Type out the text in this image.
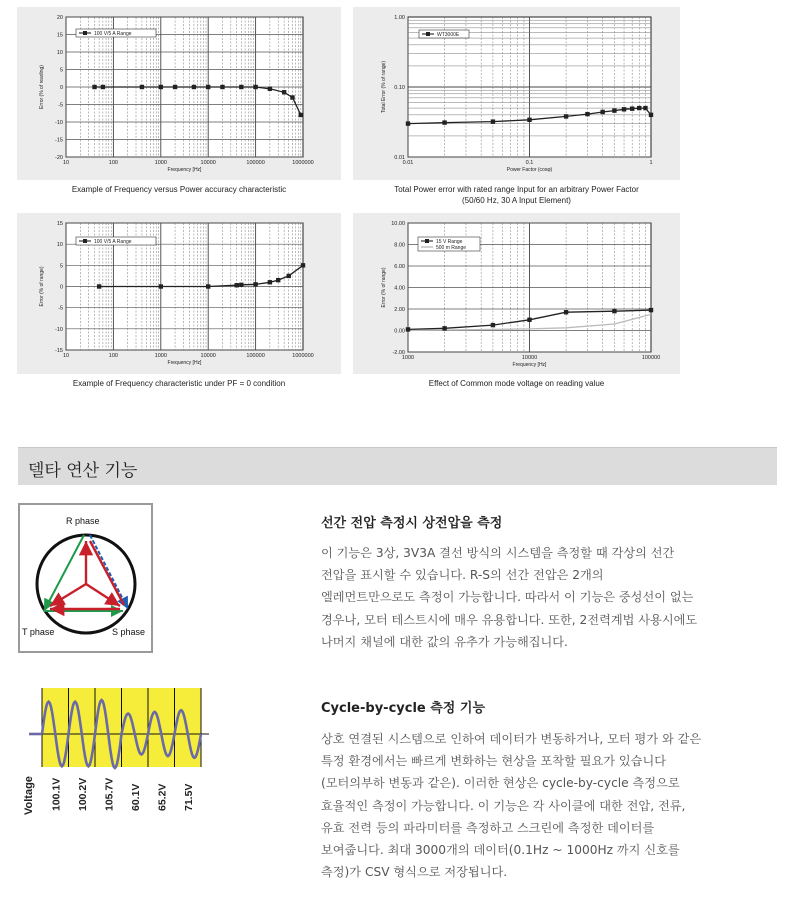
20
15
10
5
0
-5
-10
-15
-20
10	100	1000	10000	100000	1000000
Frequency [Hz]
Error (% of reading)
100 V/5 A Range
Example of Frequency versus Power accuracy characteristic
1.00
0.10
0.01
0.01	0.1	1
Power Factor (cosφ)
Total Error (% of range)
WT3000E
Total Power error with rated range Input for an arbitrary Power Factor
(50/60 Hz, 30 A Input Element)
15
10
5
0
-5
-10
-15
10	100	1000	10000	100000	1000000
Frequency [Hz]
Error (% of range)
100 V/5 A Range
Example of Frequency characteristic under PF = 0 condition
10.00
8.00
6.00
4.00
2.00
0.00
-2.00
1000	10000	100000
Frequency [Hz]
Error (% of range)
15 V Range
500 m Range
Effect of Common mode voltage on reading value
델타 연산 기능
R phase
T phase	S phase
선간 전압 측정시 상전압을 측정
이 기능은 3상, 3V3A 결선 방식의 시스템을 측정할 때 각상의 선간
전압을 표시할 수 있습니다. R-S의 선간 전압은 2개의
엘레먼트만으로도 측정이 가능합니다. 따라서 이 기능은 중성선이 없는
경우나, 모터 테스트시에 매우 유용합니다. 또한, 2전력계법 사용시에도
나머지 채널에 대한 값의 유추가 가능해집니다.
Voltage 100.1V 100.2V 105.7V 60.1V 65.2V 71.5V
Cycle-by-cycle 측정 기능
상호 연결된 시스템으로 인하여 데이터가 변동하거나, 모터 평가 와 같은
특정 환경에서는 빠르게 변화하는 현상을 포착할 필요가 있습니다
(모터의부하 변동과 같은). 이러한 현상은 cycle-by-cycle 측정으로
효율적인 측정이 가능합니다. 이 기능은 각 사이클에 대한 전압, 전류,
유효 전력 등의 파라미터를 측정하고 스크린에 측정한 데이터를
보여줍니다. 최대 3000개의 데이터(0.1Hz ~ 1000Hz 까지 신호를
측정)가 CSV 형식으로 저장됩니다.
